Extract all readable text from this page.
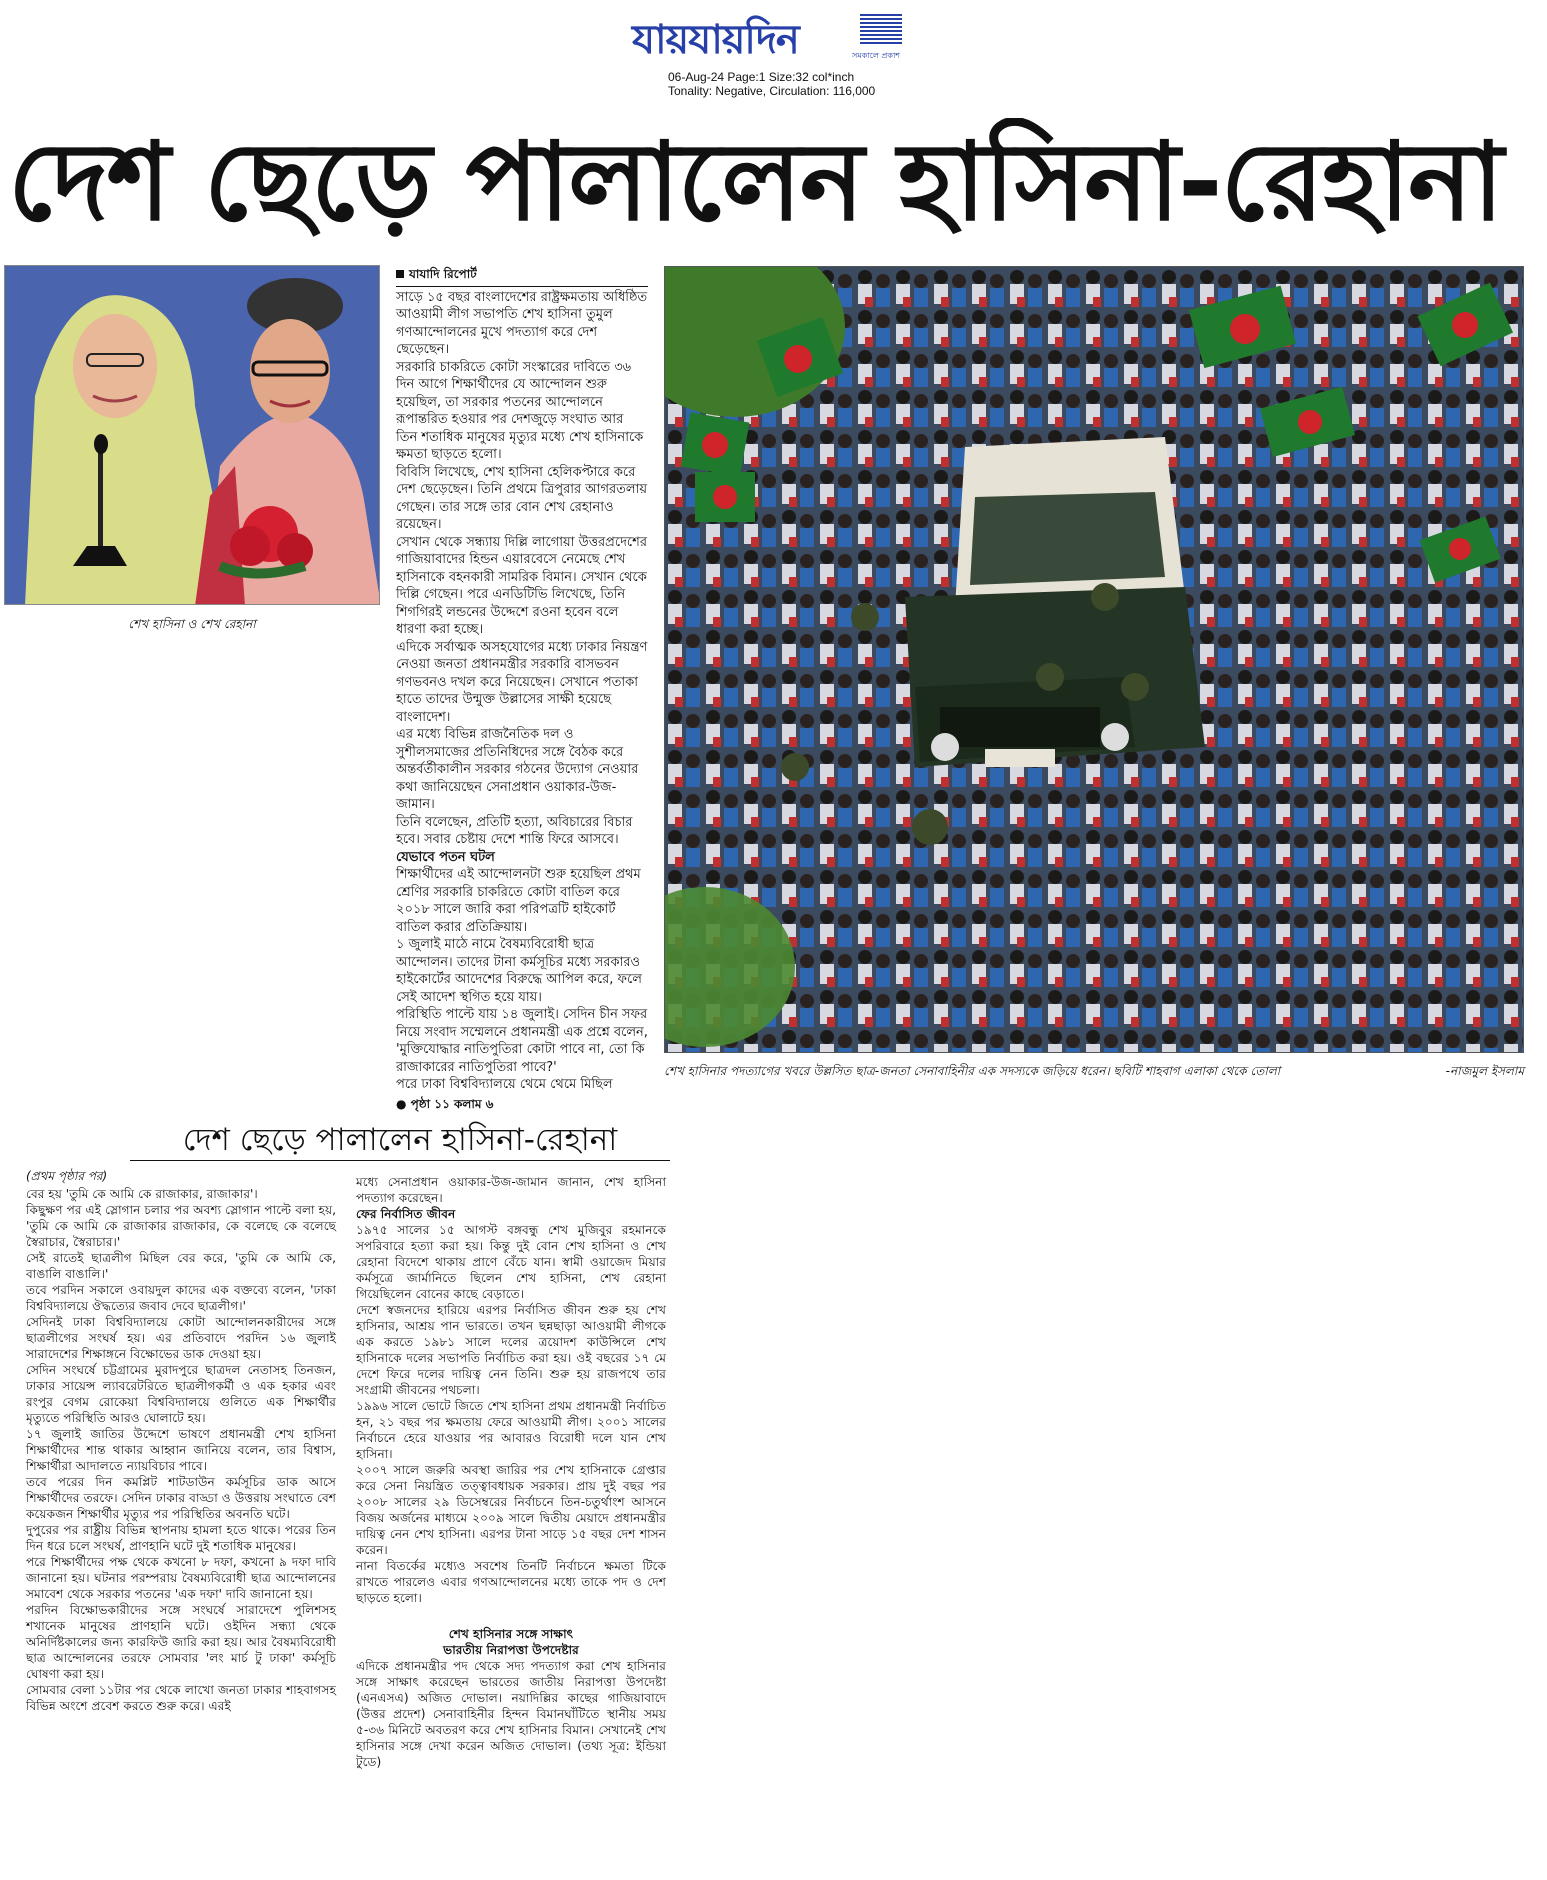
যায়যায়দিন	সমকালে প্রকাশ
06-Aug-24 Page:1 Size:32 col*inch
Tonality: Negative, Circulation: 116,000
দেশ ছেড়ে পালালেন হাসিনা-রেহানা
শেখ হাসিনা ও শেখ রেহানা
যাযাদি রিপোর্ট

সাড়ে ১৫ বছর বাংলাদেশের রাষ্ট্রক্ষমতায় অধিষ্ঠিত আওয়ামী লীগ সভাপতি শেখ হাসিনা তুমুল গণআন্দোলনের মুখে পদত্যাগ করে দেশ ছেড়েছেন।

সরকারি চাকরিতে কোটা সংস্কারের দাবিতে ৩৬ দিন আগে শিক্ষার্থীদের যে আন্দোলন শুরু হয়েছিল, তা সরকার পতনের আন্দোলনে রূপান্তরিত হওয়ার পর দেশজুড়ে সংঘাত আর তিন শতাধিক মানুষের মৃত্যুর মধ্যে শেখ হাসিনাকে ক্ষমতা ছাড়তে হলো।

বিবিসি লিখেছে, শেখ হাসিনা হেলিকপ্টারে করে দেশ ছেড়েছেন। তিনি প্রথমে ত্রিপুরার আগরতলায় গেছেন। তার সঙ্গে তার বোন শেখ রেহানাও রয়েছেন।

সেখান থেকে সন্ধ্যায় দিল্লি লাগোয়া উত্তরপ্রদেশের গাজিয়াবাদের হিন্ডন এয়ারবেসে নেমেছে শেখ হাসিনাকে বহনকারী সামরিক বিমান। সেখান থেকে দিল্লি গেছেন। পরে এনডিটিভি লিখেছে, তিনি শিগগিরই লন্ডনের উদ্দেশে রওনা হবেন বলে ধারণা করা হচ্ছে।

এদিকে সর্বাত্মক অসহযোগের মধ্যে ঢাকার নিয়ন্ত্রণ নেওয়া জনতা প্রধানমন্ত্রীর সরকারি বাসভবন গণভবনও দখল করে নিয়েছেন। সেখানে পতাকা হাতে তাদের উন্মুক্ত উল্লাসের সাক্ষী হয়েছে বাংলাদেশ।

এর মধ্যে বিভিন্ন রাজনৈতিক দল ও সুশীলসমাজের প্রতিনিধিদের সঙ্গে বৈঠক করে অন্তর্বর্তীকালীন সরকার গঠনের উদ্যোগ নেওয়ার কথা জানিয়েছেন সেনাপ্রধান ওয়াকার-উজ-জামান।

তিনি বলেছেন, প্রতিটি হত্যা, অবিচারের বিচার হবে। সবার চেষ্টায় দেশে শান্তি ফিরে আসবে।

যেভাবে পতন ঘটল

শিক্ষার্থীদের এই আন্দোলনটা শুরু হয়েছিল প্রথম শ্রেণির সরকারি চাকরিতে কোটা বাতিল করে ২০১৮ সালে জারি করা পরিপত্রটি হাইকোর্ট বাতিল করার প্রতিক্রিয়ায়।

১ জুলাই মাঠে নামে বৈষম্যবিরোধী ছাত্র আন্দোলন। তাদের টানা কর্মসূচির মধ্যে সরকারও হাইকোর্টের আদেশের বিরুদ্ধে আপিল করে, ফলে সেই আদেশ স্থগিত হয়ে যায়।

পরিস্থিতি পাল্টে যায় ১৪ জুলাই। সেদিন চীন সফর নিয়ে সংবাদ সম্মেলনে প্রধানমন্ত্রী এক প্রশ্নে বলেন, 'মুক্তিযোদ্ধার নাতিপুতিরা কোটা পাবে না, তো কি রাজাকারের নাতিপুতিরা পাবে?'

পরে ঢাকা বিশ্ববিদ্যালয়ে থেমে থেমে মিছিল

● পৃষ্ঠা ১১ কলাম ৬
শেখ হাসিনার পদত্যাগের খবরে উল্লসিত ছাত্র-জনতা সেনাবাহিনীর এক সদস্যকে জড়িয়ে ধরেন। ছবিটি শাহবাগ এলাকা থেকে তোলা	-নাজমুল ইসলাম
দেশ ছেড়ে পালালেন হাসিনা-রেহানা
(প্রথম পৃষ্ঠার পর)

বের হয় 'তুমি কে আমি কে রাজাকার, রাজাকার'।

কিছুক্ষণ পর এই স্লোগান চলার পর অবশ্য স্লোগান পাল্টে বলা হয়, 'তুমি কে আমি কে রাজাকার রাজাকার, কে বলেছে কে বলেছে স্বৈরাচার, স্বৈরাচার।'

সেই রাতেই ছাত্রলীগ মিছিল বের করে, 'তুমি কে আমি কে, বাঙালি বাঙালি।'

তবে পরদিন সকালে ওবায়দুল কাদের এক বক্তব্যে বলেন, 'ঢাকা বিশ্ববিদ্যালয়ে ঔদ্ধত্যের জবাব দেবে ছাত্রলীগ।'

সেদিনই ঢাকা বিশ্ববিদ্যালয়ে কোটা আন্দোলনকারীদের সঙ্গে ছাত্রলীগের সংঘর্ষ হয়। এর প্রতিবাদে পরদিন ১৬ জুলাই সারাদেশের শিক্ষাঙ্গনে বিক্ষোভের ডাক দেওয়া হয়।

সেদিন সংঘর্ষে চট্টগ্রামের মুরাদপুরে ছাত্রদল নেতাসহ তিনজন, ঢাকার সায়েন্স ল্যাবরেটরিতে ছাত্রলীগকর্মী ও এক হকার এবং রংপুর বেগম রোকেয়া বিশ্ববিদ্যালয়ে গুলিতে এক শিক্ষার্থীর মৃত্যুতে পরিস্থিতি আরও ঘোলাটে হয়।

১৭ জুলাই জাতির উদ্দেশে ভাষণে প্রধানমন্ত্রী শেখ হাসিনা শিক্ষার্থীদের শান্ত থাকার আহ্বান জানিয়ে বলেন, তার বিশ্বাস, শিক্ষার্থীরা আদালতে ন্যায়বিচার পাবে।

তবে পরের দিন কমপ্লিট শাটডাউন কর্মসূচির ডাক আসে শিক্ষার্থীদের তরফে। সেদিন ঢাকার বাড্ডা ও উত্তরায় সংঘাতে বেশ কয়েকজন শিক্ষার্থীর মৃত্যুর পর পরিস্থিতির অবনতি ঘটে।

দুপুরের পর রাষ্ট্রীয় বিভিন্ন স্থাপনায় হামলা হতে থাকে। পরের তিন দিন ধরে চলে সংঘর্ষ, প্রাণহানি ঘটে দুই শতাধিক মানুষের।

পরে শিক্ষার্থীদের পক্ষ থেকে কখনো ৮ দফা, কখনো ৯ দফা দাবি জানানো হয়। ঘটনার পরম্পরায় বৈষম্যবিরোধী ছাত্র আন্দোলনের সমাবেশ থেকে সরকার পতনের 'এক দফা' দাবি জানানো হয়।

পরদিন বিক্ষোভকারীদের সঙ্গে সংঘর্ষে সারাদেশে পুলিশসহ শখানেক মানুষের প্রাণহানি ঘটে। ওইদিন সন্ধ্যা থেকে অনির্দিষ্টকালের জন্য কারফিউ জারি করা হয়। আর বৈষম্যবিরোধী ছাত্র আন্দোলনের তরফে সোমবার 'লং মার্চ টু ঢাকা' কর্মসূচি ঘোষণা করা হয়।

সোমবার বেলা ১১টার পর থেকে লাখো জনতা ঢাকার শাহবাগসহ বিভিন্ন অংশে প্রবেশ করতে শুরু করে। এরই

মধ্যে সেনাপ্রধান ওয়াকার-উজ-জামান জানান, শেখ হাসিনা পদত্যাগ করেছেন।

ফের নির্বাসিত জীবন

১৯৭৫ সালের ১৫ আগস্ট বঙ্গবন্ধু শেখ মুজিবুর রহমানকে সপরিবারে হত্যা করা হয়। কিন্তু দুই বোন শেখ হাসিনা ও শেখ রেহানা বিদেশে থাকায় প্রাণে বেঁচে যান। স্বামী ওয়াজেদ মিয়ার কর্মসূত্রে জার্মানিতে ছিলেন শেখ হাসিনা, শেখ রেহানা গিয়েছিলেন বোনের কাছে বেড়াতে।

দেশে স্বজনদের হারিয়ে এরপর নির্বাসিত জীবন শুরু হয় শেখ হাসিনার, আশ্রয় পান ভারতে। তখন ছন্নছাড়া আওয়ামী লীগকে এক করতে ১৯৮১ সালে দলের ত্রয়োদশ কাউন্সিলে শেখ হাসিনাকে দলের সভাপতি নির্বাচিত করা হয়। ওই বছরের ১৭ মে দেশে ফিরে দলের দায়িত্ব নেন তিনি। শুরু হয় রাজপথে তার সংগ্রামী জীবনের পথচলা।

১৯৯৬ সালে ভোটে জিতে শেখ হাসিনা প্রথম প্রধানমন্ত্রী নির্বাচিত হন, ২১ বছর পর ক্ষমতায় ফেরে আওয়ামী লীগ। ২০০১ সালের নির্বাচনে হেরে যাওয়ার পর আবারও বিরোধী দলে যান শেখ হাসিনা।

২০০৭ সালে জরুরি অবস্থা জারির পর শেখ হাসিনাকে গ্রেপ্তার করে সেনা নিয়ন্ত্রিত তত্ত্বাবধায়ক সরকার। প্রায় দুই বছর পর ২০০৮ সালের ২৯ ডিসেম্বরের নির্বাচনে তিন-চতুর্থাংশ আসনে বিজয় অর্জনের মাধ্যমে ২০০৯ সালে দ্বিতীয় মেয়াদে প্রধানমন্ত্রীর দায়িত্ব নেন শেখ হাসিনা। এরপর টানা সাড়ে ১৫ বছর দেশ শাসন করেন।

নানা বিতর্কের মধ্যেও সবশেষ তিনটি নির্বাচনে ক্ষমতা টিকে রাখতে পারলেও এবার গণআন্দোলনের মধ্যে তাকে পদ ও দেশ ছাড়তে হলো।

শেখ হাসিনার সঙ্গে সাক্ষাৎ

ভারতীয় নিরাপত্তা উপদেষ্টার

এদিকে প্রধানমন্ত্রীর পদ থেকে সদ্য পদত্যাগ করা শেখ হাসিনার সঙ্গে সাক্ষাৎ করেছেন ভারতের জাতীয় নিরাপত্তা উপদেষ্টা (এনএসএ) অজিত দোভাল। নয়াদিল্লির কাছের গাজিয়াবাদে (উত্তর প্রদেশ) সেনাবাহিনীর হিন্দন বিমানঘাঁটিতে স্থানীয় সময় ৫-৩৬ মিনিটে অবতরণ করে শেখ হাসিনার বিমান। সেখানেই শেখ হাসিনার সঙ্গে দেখা করেন অজিত দোভাল। (তথ্য সূত্র: ইন্ডিয়া টুডে)
